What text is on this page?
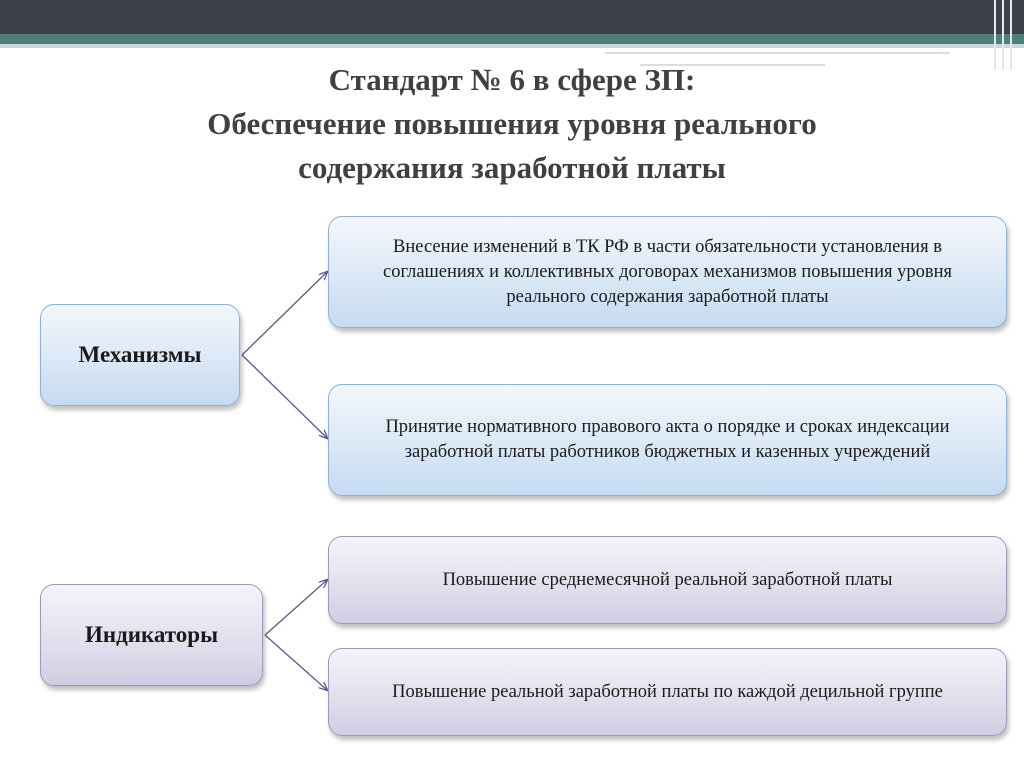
Стандарт № 6 в сфере ЗП:
Обеспечение повышения уровня реального
содержания заработной платы
Механизмы
Внесение изменений в ТК РФ в части обязательности установления в соглашениях и коллективных договорах механизмов повышения уровня реального содержания заработной платы
Принятие нормативного правового акта о порядке и сроках индексации заработной платы работников бюджетных и казенных учреждений
Индикаторы
Повышение среднемесячной реальной заработной платы
Повышение реальной заработной платы по каждой децильной группе
